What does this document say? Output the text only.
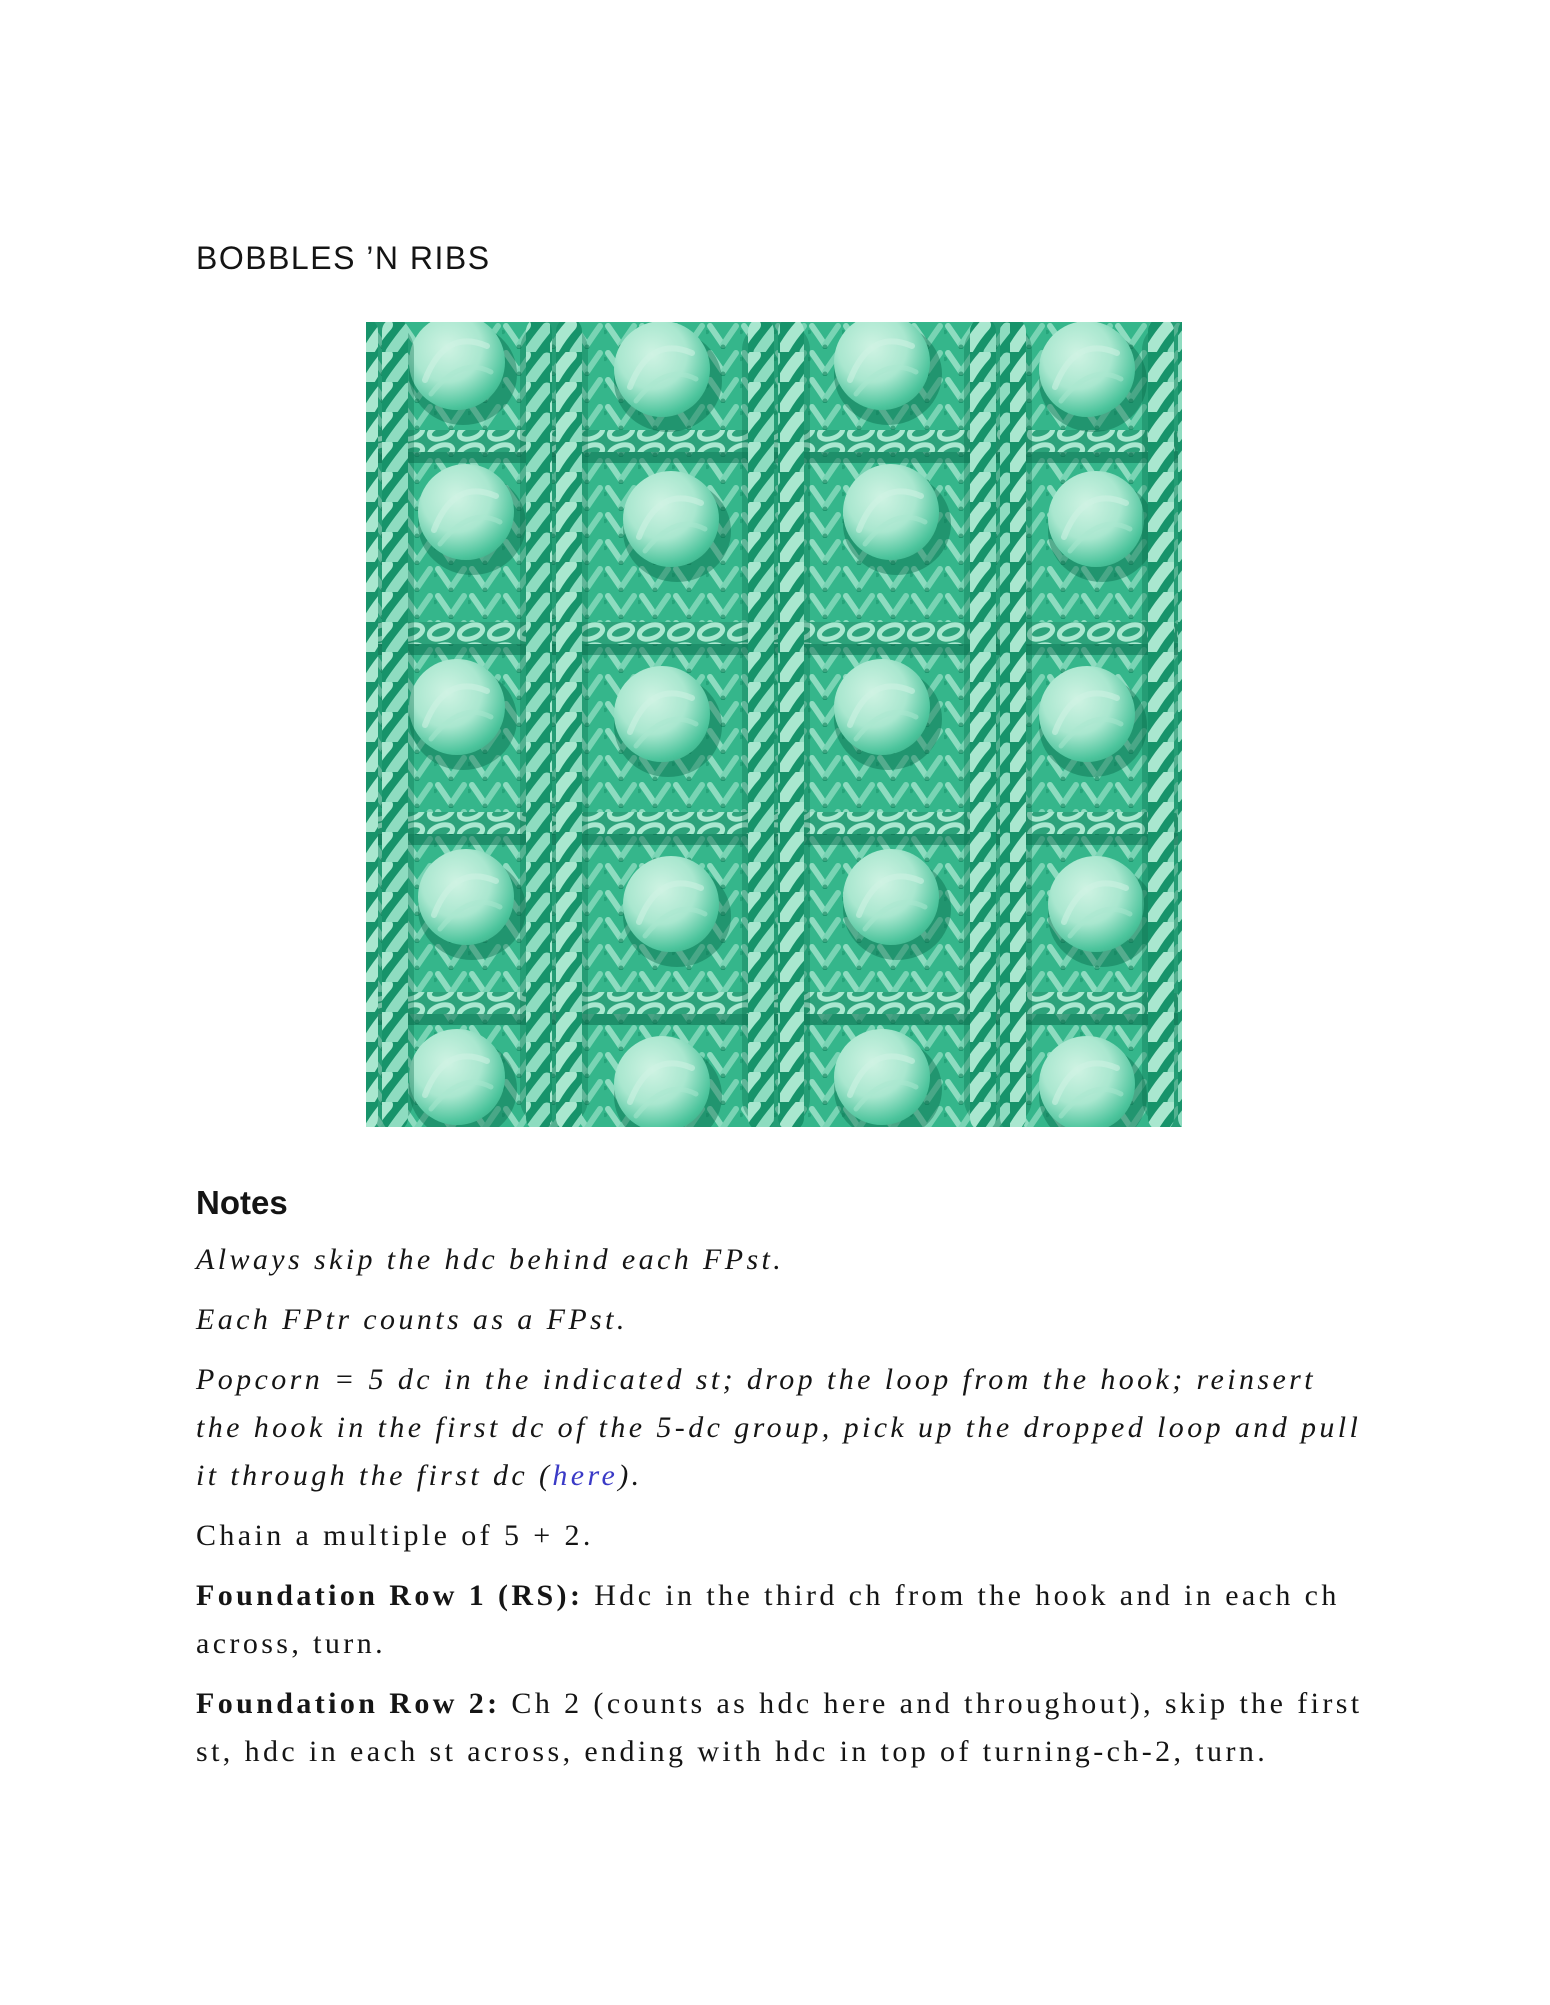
BOBBLES ’N RIBS
Notes

Always skip the hdc behind each FPst.

Each FPtr counts as a FPst.

Popcorn = 5 dc in the indicated st; drop the loop from the hook; reinsert the hook in the first dc of the 5-dc group, pick up the dropped loop and pull it through the first dc (here).

Chain a multiple of 5 + 2.

Foundation Row 1 (RS): Hdc in the third ch from the hook and in each ch across, turn.

Foundation Row 2: Ch 2 (counts as hdc here and throughout), skip the first st, hdc in each st across, ending with hdc in top of turning-ch-2, turn.
